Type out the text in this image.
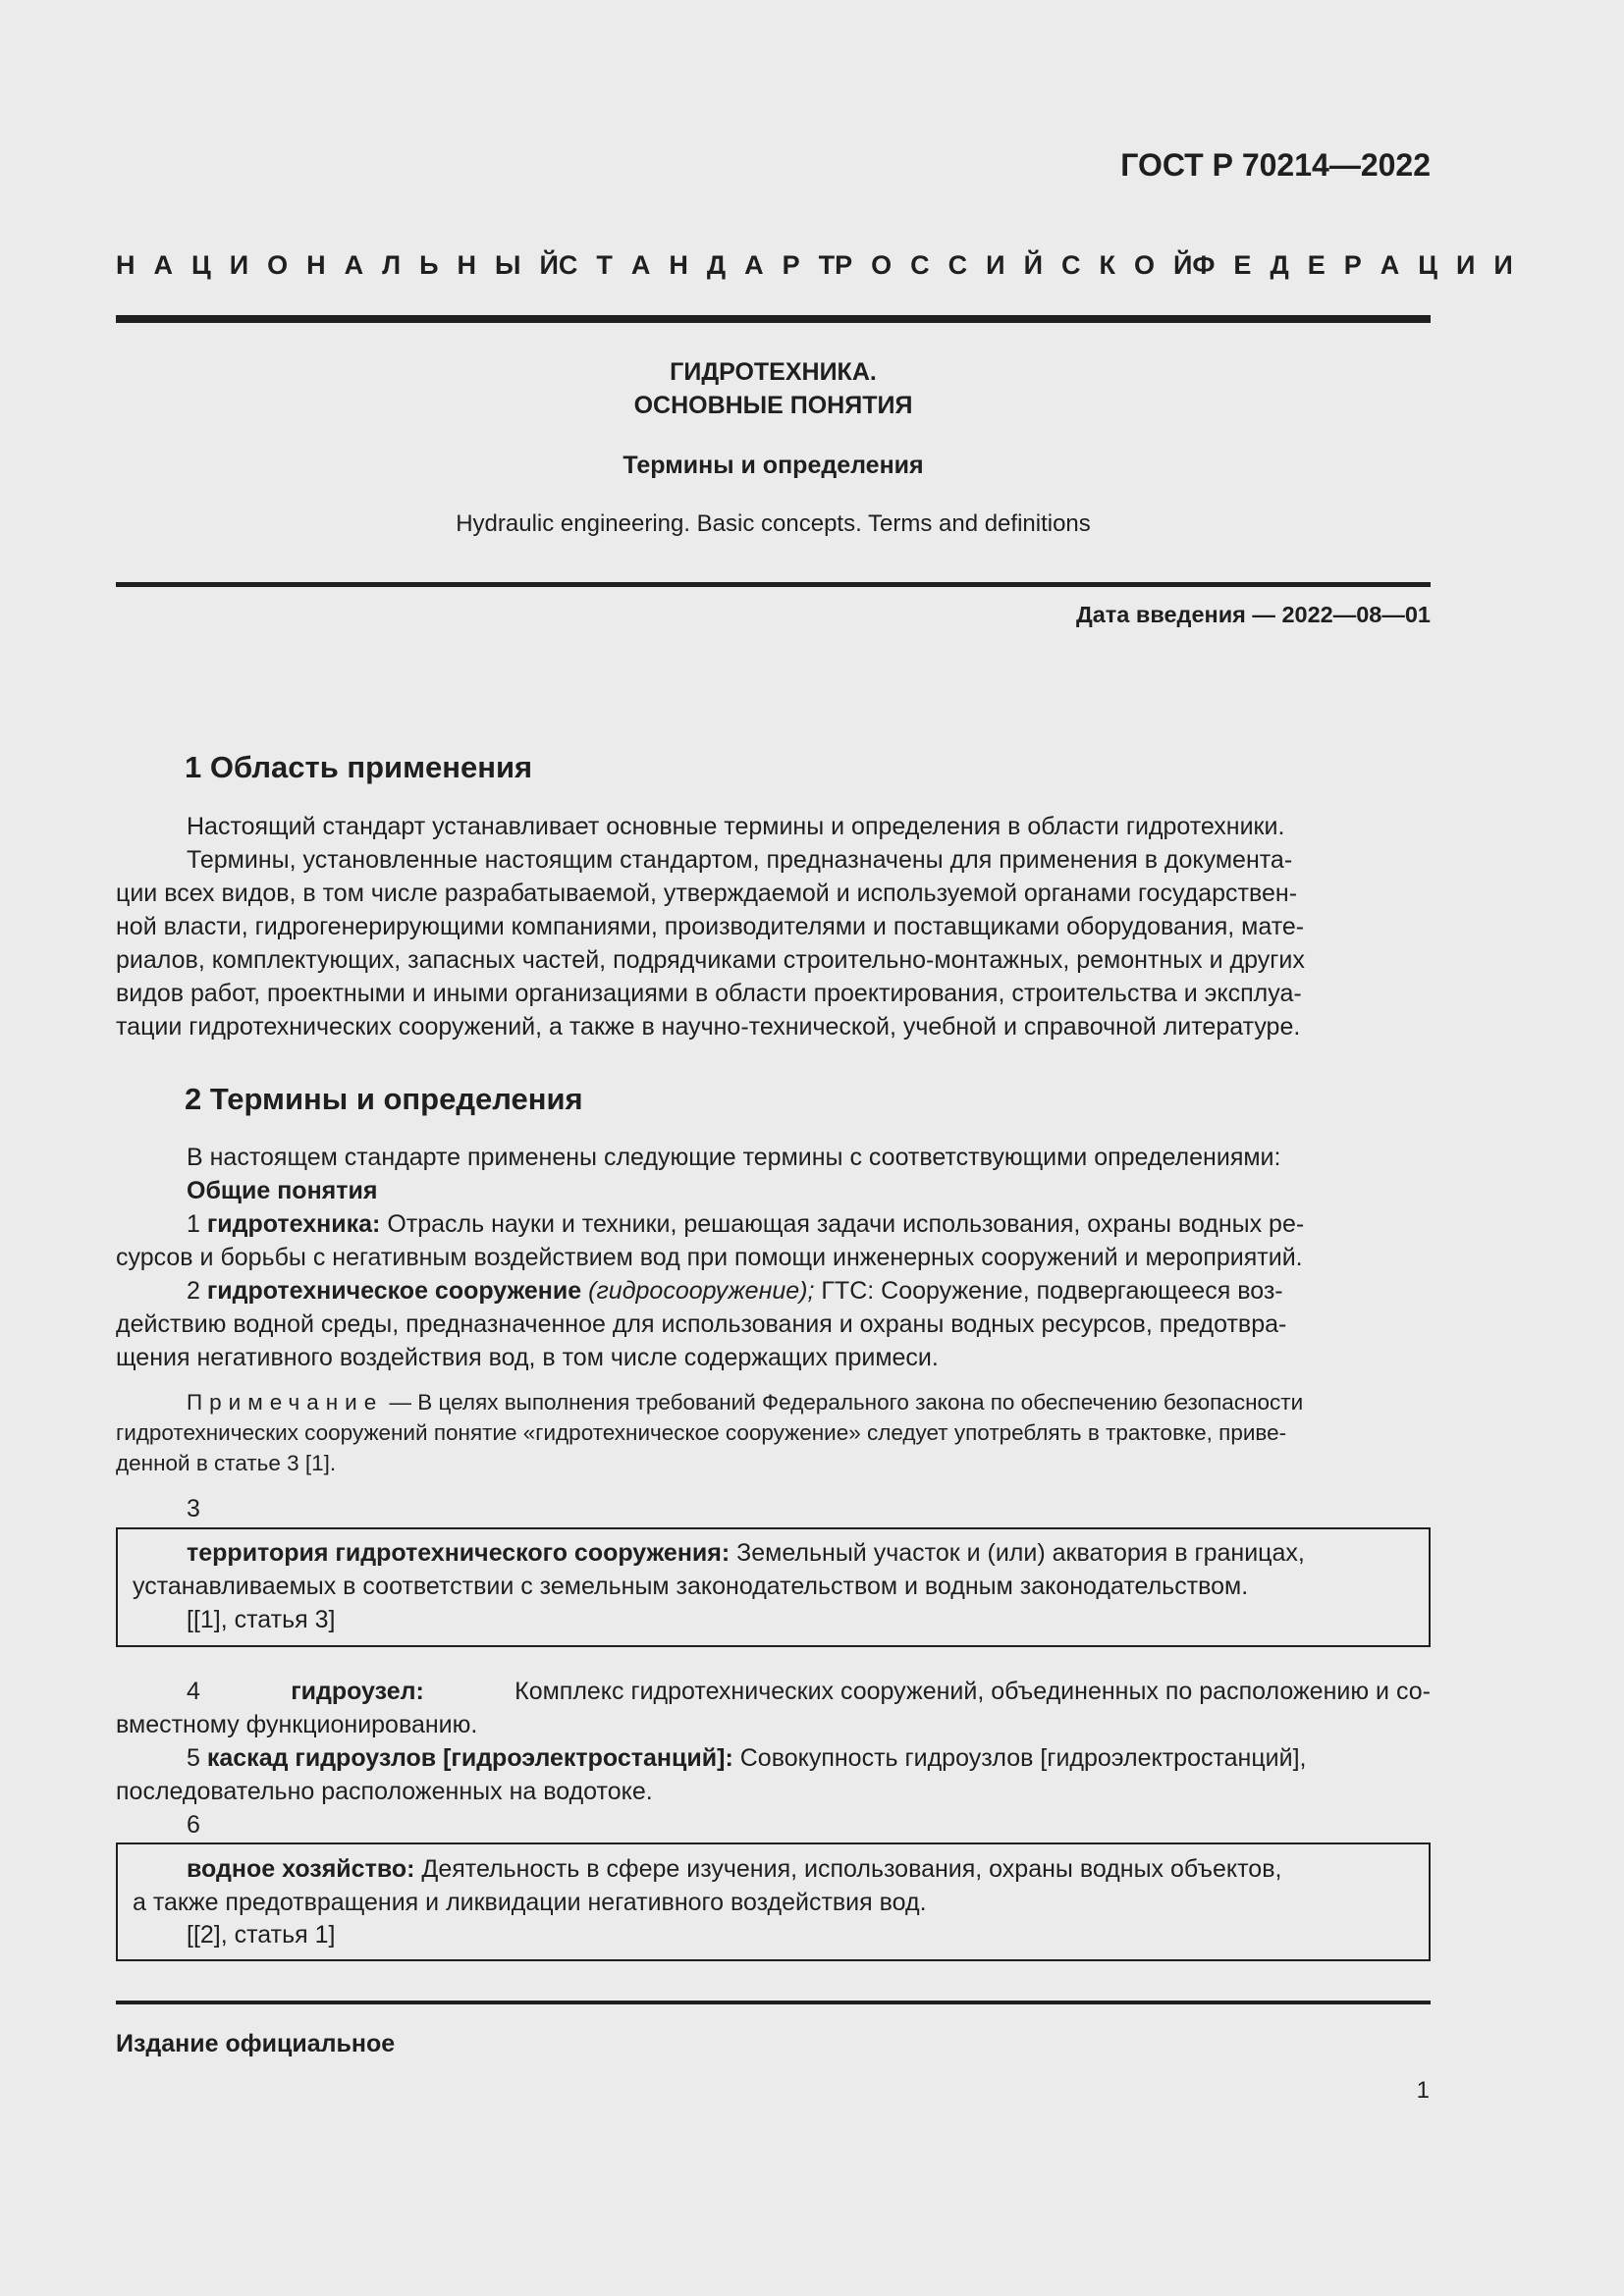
ГОСТ Р 70214—2022
Н А Ц И О Н А Л Ь Н Ы Й С Т А Н Д А Р Т Р О С С И Й С К О Й Ф Е Д Е Р А Ц И И
ГИДРОТЕХНИКА.
ОСНОВНЫЕ ПОНЯТИЯ
Термины и определения
Hydraulic engineering. Basic concepts. Terms and definitions
Дата введения — 2022—08—01
1 Область применения
Настоящий стандарт устанавливает основные термины и определения в области гидротехники.
Термины, установленные настоящим стандартом, предназначены для применения в документа-
ции всех видов, в том числе разрабатываемой, утверждаемой и используемой органами государствен-
ной власти, гидрогенерирующими компаниями, производителями и поставщиками оборудования, мате-
риалов, комплектующих, запасных частей, подрядчиками строительно-монтажных, ремонтных и других
видов работ, проектными и иными организациями в области проектирования, строительства и эксплуа-
тации гидротехнических сооружений, а также в научно-технической, учебной и справочной литературе.
2 Термины и определения
В настоящем стандарте применены следующие термины с соответствующими определениями:
Общие понятия
1 гидротехника: Отрасль науки и техники, решающая задачи использования, охраны водных ре-
сурсов и борьбы с негативным воздействием вод при помощи инженерных сооружений и мероприятий.
2 гидротехническое сооружение (гидросооружение); ГТС: Сооружение, подвергающееся воз-
действию водной среды, предназначенное для использования и охраны водных ресурсов, предотвра-
щения негативного воздействия вод, в том числе содержащих примеси.
Примечание — В целях выполнения требований Федерального закона по обеспечению безопасности
гидротехнических сооружений понятие «гидротехническое сооружение» следует употреблять в трактовке, приве-
денной в статье 3 [1].
3
территория гидротехнического сооружения: Земельный участок и (или) акватория в границах,
устанавливаемых в соответствии с земельным законодательством и водным законодательством.
[[1], статья 3]
4	гидроузел:	Комплекс гидротехнических сооружений, объединенных по расположению и со-
вместному функционированию.
5 каскад гидроузлов [гидроэлектростанций]: Совокупность гидроузлов [гидроэлектростанций],
последовательно расположенных на водотоке.
6
водное хозяйство: Деятельность в сфере изучения, использования, охраны водных объектов,
а также предотвращения и ликвидации негативного воздействия вод.
[[2], статья 1]
Издание официальное
1
